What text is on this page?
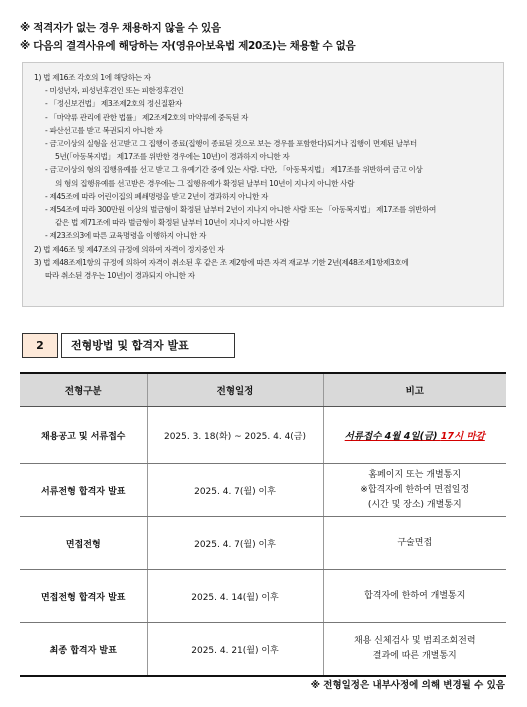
※ 적격자가 없는 경우 채용하지 않을 수 있음
※ 다음의 결격사유에 해당하는 자(영유아보육법 제20조)는 채용할 수 없음
1) 법 제16조 각호의 1에 해당하는 자
- 미성년자, 피성년후견인 또는 피한정후견인
- 「정신보건법」 제3조제2호의 정신질환자
- 「마약류 관리에 관한 법률」 제2조제2호의 마약류에 중독된 자
- 파산선고를 받고 복권되지 아니한 자
- 금고이상의 실형을 선고받고 그 집행이 종료(집행이 종료된 것으로 보는 경우를 포함한다)되거나 집행이 면제된 날부터
5년(「아동복지법」 제17조를 위반한 경우에는 10년)이 경과하지 아니한 자
- 금고이상의 형의 집행유예를 선고 받고 그 유예기간 중에 있는 사람. 다만, 「아동복지법」 제17조를 위반하여 금고 이상
의 형의 집행유예를 선고받은 경우에는 그 집행유예가 확정된 날부터 10년이 지나지 아니한 사람
- 제45조에 따라 어린이집의 폐쇄명령을 받고 2년이 경과하지 아니한 자
- 제54조에 따라 300만원 이상의 벌금형이 확정된 날부터 2년이 지나지 아니한 사람 또는 「아동복지법」 제17조를 위반하여
같은 법 제71조에 따라 벌금형이 확정된 날부터 10년이 지나지 아니한 사람
- 제23조의3에 따른 교육명령을 이행하지 아니한 자
2) 법 제46조 및 제47조의 규정에 의하여 자격이 정지중인 자
3) 법 제48조제1항의 규정에 의하여 자격이 취소된 후 같은 조 제2항에 따른 자격 재교부 기한 2년(제48조제1항제3호에
따라 취소된 경우는 10년)이 경과되지 아니한 자
2	전형방법 및 합격자 발표
전형구분	전형일정	비고
채용공고 및 서류접수	2025. 3. 18(화) ~ 2025. 4. 4(금)	서류접수 4월 4일(금) 17시 마감
서류전형 합격자 발표	2025. 4. 7(월) 이후	홈페이지 또는 개별통지
※합격자에 한하여 면접일정
(시간 및 장소) 개별통지

면접전형	2025. 4. 7(월) 이후	구술면접

면접전형 합격자 발표	2025. 4. 14(월) 이후	합격자에 한하여 개별통지

최종 합격자 발표	2025. 4. 21(월) 이후	채용 신체검사 및 범죄조회전력
결과에 따른 개별통지
※ 전형일정은 내부사정에 의해 변경될 수 있음
